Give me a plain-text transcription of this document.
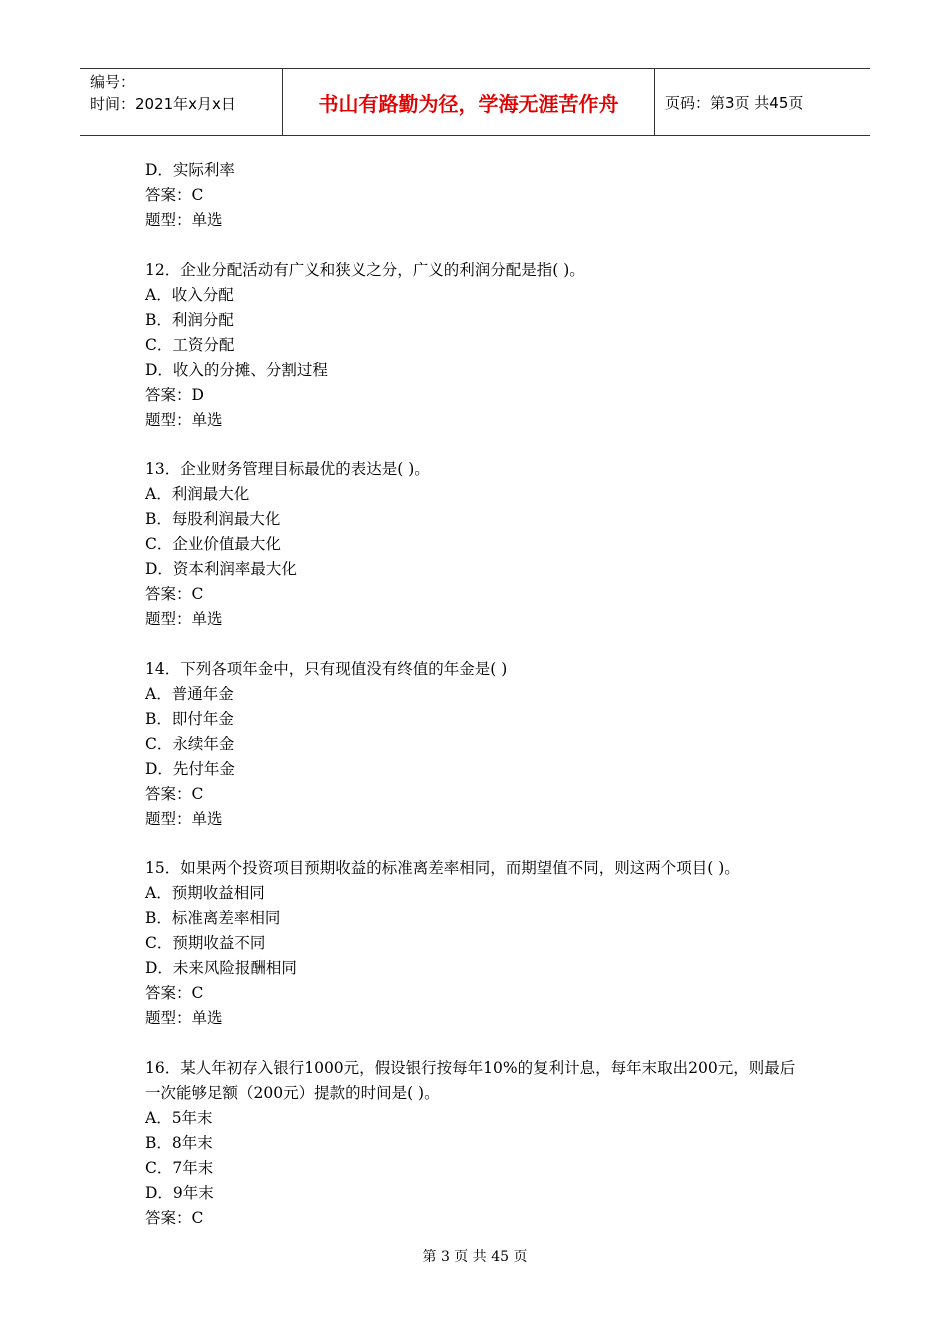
编号：
时间：2021年x月x日	书山有路勤为径，学海无涯苦作舟	页码：第3页 共45页
D．实际利率
答案：C
题型：单选
12．企业分配活动有广义和狭义之分，广义的利润分配是指( )。
A．收入分配
B．利润分配
C．工资分配
D．收入的分摊、分割过程
答案：D
题型：单选
13．企业财务管理目标最优的表达是( )。
A．利润最大化
B．每股利润最大化
C．企业价值最大化
D．资本利润率最大化
答案：C
题型：单选
14．下列各项年金中，只有现值没有终值的年金是( )
A．普通年金
B．即付年金
C．永续年金
D．先付年金
答案：C
题型：单选
15．如果两个投资项目预期收益的标准离差率相同，而期望值不同，则这两个项目( )。
A．预期收益相同
B．标准离差率相同
C．预期收益不同
D．未来风险报酬相同
答案：C
题型：单选
16．某人年初存入银行1000元，假设银行按每年10%的复利计息，每年末取出200元，则最后一次能够足额（200元）提款的时间是( )。
A．5年末
B．8年末
C．7年末
D．9年末
答案：C
第 3 页 共 45 页
